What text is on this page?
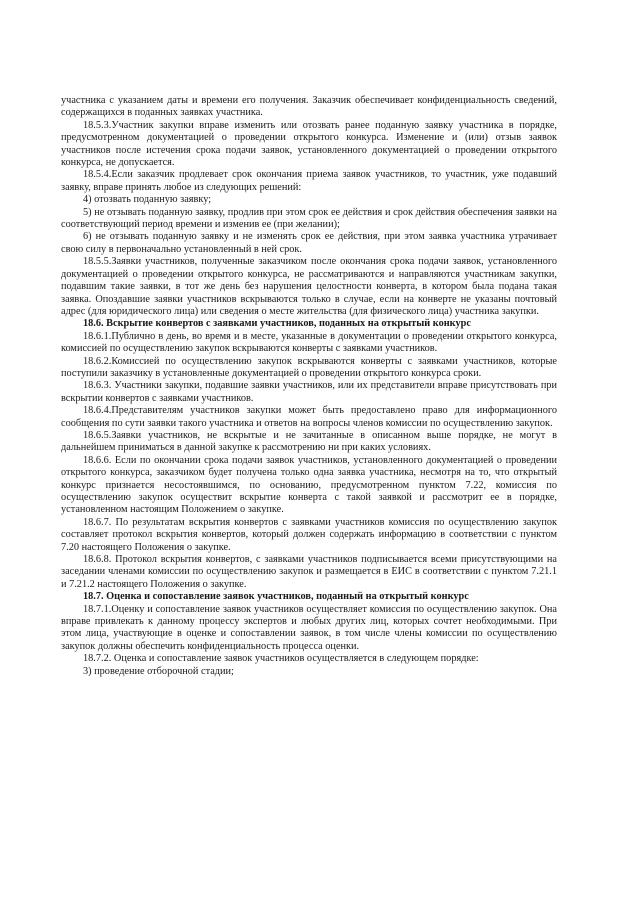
участника с указанием даты и времени его получения. Заказчик обеспечивает конфиденциальность сведений, содержащихся в поданных заявках участника.

18.5.3.Участник закупки вправе изменить или отозвать ранее поданную заявку участника в порядке, предусмотренном документацией о проведении открытого конкурса. Изменение и (или) отзыв заявок участников после истечения срока подачи заявок, установленного документацией о проведении открытого конкурса, не допускается.

18.5.4.Если заказчик продлевает срок окончания приема заявок участников, то участник, уже подавший заявку, вправе принять любое из следующих решений:

4) отозвать поданную заявку;

5) не отзывать поданную заявку, продлив при этом срок ее действия и срок действия обеспечения заявки на соответствующий период времени и изменив ее (при желании);

6) не отзывать поданную заявку и не изменять срок ее действия, при этом заявка участника утрачивает свою силу в первоначально установленный в ней срок.

18.5.5.Заявки участников, полученные заказчиком после окончания срока подачи заявок, установленного документацией о проведении открытого конкурса, не рассматриваются и направляются участникам закупки, подавшим такие заявки, в тот же день без нарушения целостности конверта, в котором была подана такая заявка. Опоздавшие заявки участников вскрываются только в случае, если на конверте не указаны почтовый адрес (для юридического лица) или сведения о месте жительства (для физического лица) участника закупки.

18.6. Вскрытие конвертов с заявками участников, поданных на открытый конкурс

18.6.1.Публично в день, во время и в месте, указанные в документации о проведении открытого конкурса, комиссией по осуществлению закупок вскрываются конверты с заявками участников.

18.6.2.Комиссией по осуществлению закупок вскрываются конверты с заявками участников, которые поступили заказчику в установленные документацией о проведении открытого конкурса сроки.

18.6.3. Участники закупки, подавшие заявки участников, или их представители вправе присутствовать при вскрытии конвертов с заявками участников.

18.6.4.Представителям участников закупки может быть предоставлено право для информационного сообщения по сути заявки такого участника и ответов на вопросы членов комиссии по осуществлению закупок.

18.6.5.Заявки участников, не вскрытые и не зачитанные в описанном выше порядке, не могут в дальнейшем приниматься в данной закупке к рассмотрению ни при каких условиях.

18.6.6. Если по окончании срока подачи заявок участников, установленного документацией о проведении открытого конкурса, заказчиком будет получена только одна заявка участника, несмотря на то, что открытый конкурс признается несостоявшимся, по основанию, предусмотренном пунктом 7.22, комиссия по осуществлению закупок осуществит вскрытие конверта с такой заявкой и рассмотрит ее в порядке, установленном настоящим Положением о закупке.

18.6.7. По результатам вскрытия конвертов с заявками участников комиссия по осуществлению закупок составляет протокол вскрытия конвертов, который должен содержать информацию в соответствии с пунктом 7.20 настоящего Положения о закупке.

18.6.8. Протокол вскрытия конвертов, с заявками участников подписывается всеми присутствующими на заседании членами комиссии по осуществлению закупок и размещается в ЕИС в соответствии с пунктом 7.21.1 и 7.21.2 настоящего Положения о закупке.

18.7. Оценка и сопоставление заявок участников, поданный на открытый конкурс

18.7.1.Оценку и сопоставление заявок участников осуществляет комиссия по осуществлению закупок. Она вправе привлекать к данному процессу экспертов и любых других лиц, которых сочтет необходимыми. При этом лица, участвующие в оценке и сопоставлении заявок, в том числе члены комиссии по осуществлению закупок должны обеспечить конфиденциальность процесса оценки.

18.7.2. Оценка и сопоставление заявок участников осуществляется в следующем порядке:

3) проведение отборочной стадии;
